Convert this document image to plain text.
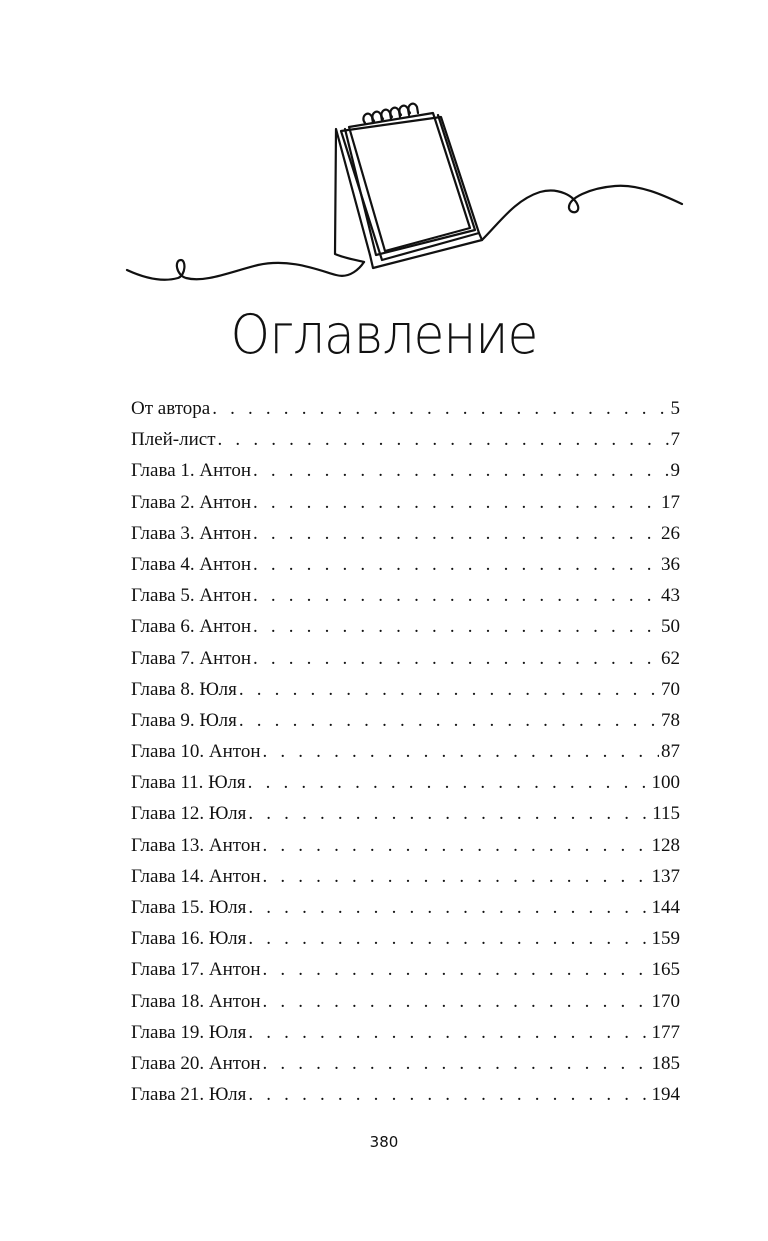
Оглавление
От автора . . .	5
Плей-лист . . .	7
Глава 1. Антон . . .	9
Глава 2. Антон . . .	17
Глава 3. Антон . . .	26
Глава 4. Антон . . .	36
Глава 5. Антон . . .	43
Глава 6. Антон . . .	50
Глава 7. Антон . . .	62
Глава 8. Юля . . .	70
Глава 9. Юля . . .	78
Глава 10. Антон . . .	87
Глава 11. Юля . . .	100
Глава 12. Юля . . .	115
Глава 13. Антон . . .	128
Глава 14. Антон . . .	137
Глава 15. Юля . . .	144
Глава 16. Юля . . .	159
Глава 17. Антон . . .	165
Глава 18. Антон . . .	170
Глава 19. Юля . . .	177
Глава 20. Антон . . .	185
Глава 21. Юля . . .	194
380
